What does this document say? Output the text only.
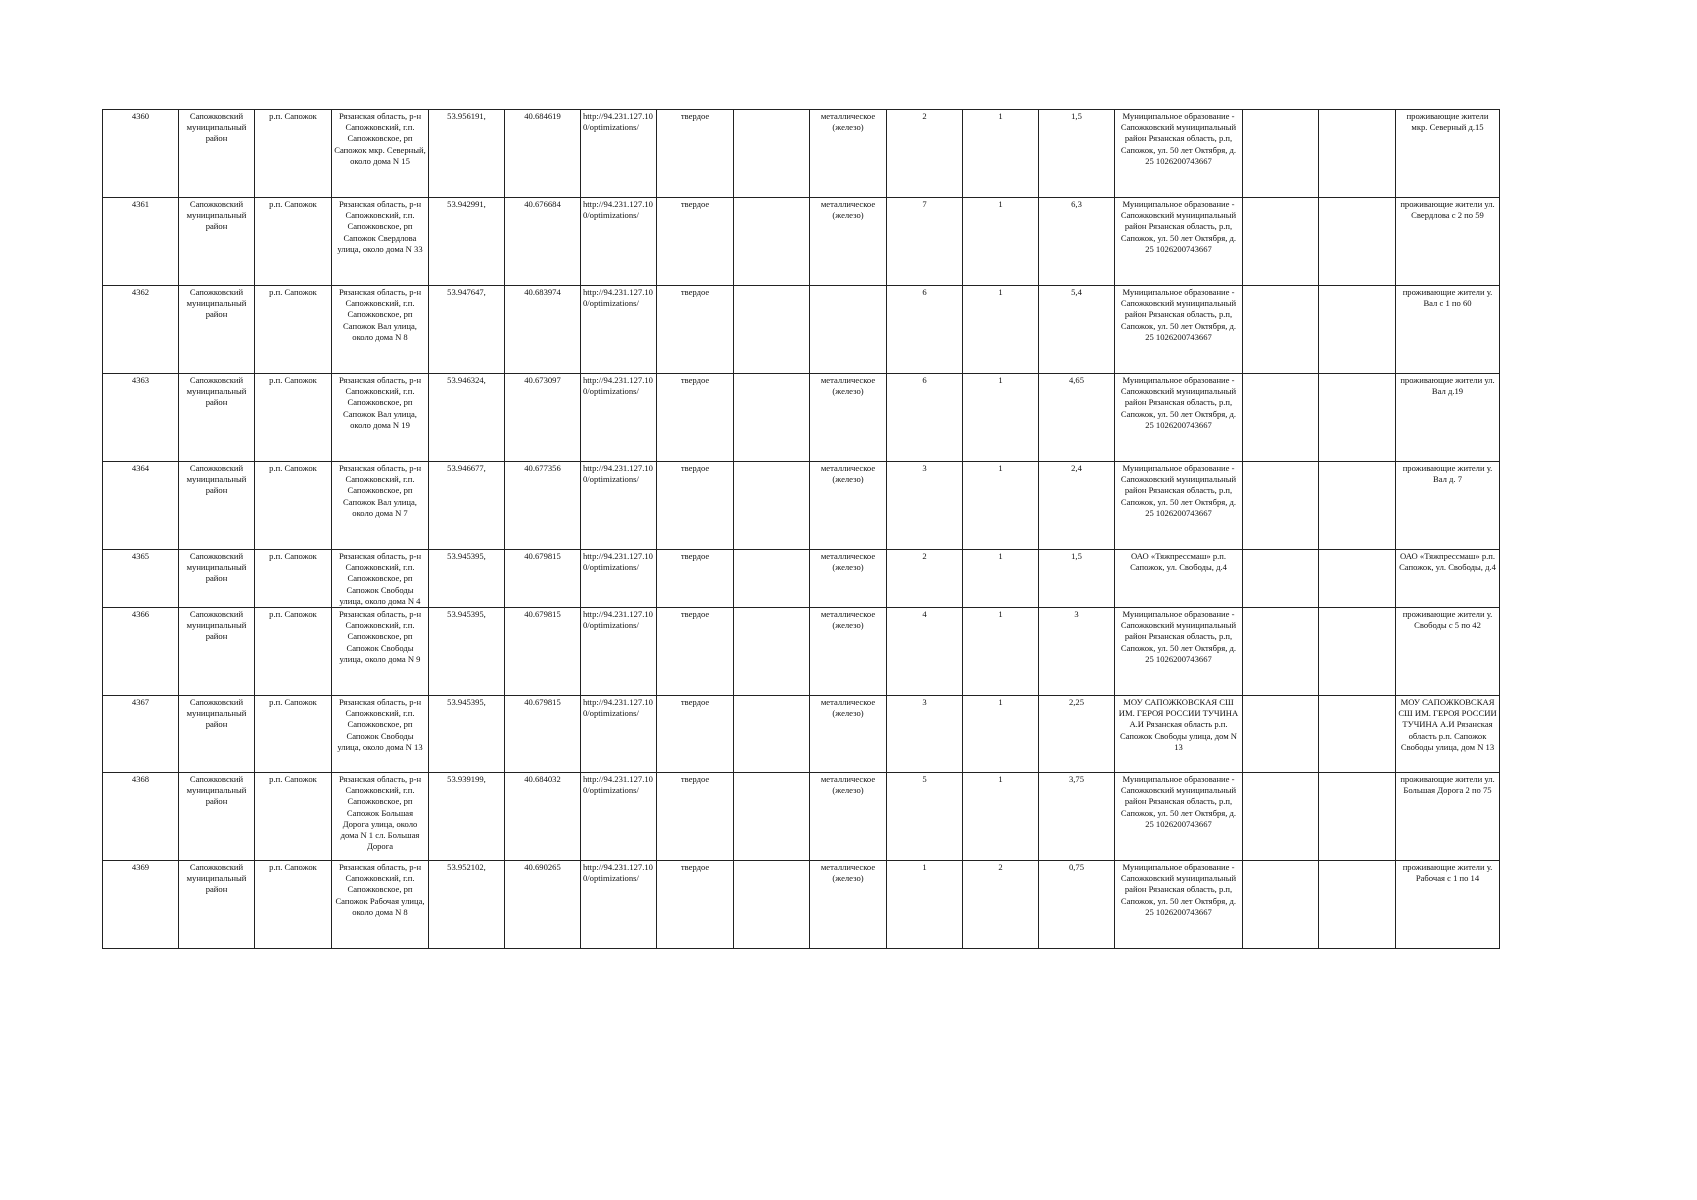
4360	Сапожковский муниципальный район	р.п. Сапожок	Рязанская область, р-н Сапожковский, г.п. Сапожковское, рп Сапожок мкр. Северный, около дома N 15	53.956191,	40.684619	http://94.231.127.10 0/optimizations/	твердое		металлическое (железо)	2	1	1,5	Муниципальное образование - Сапожковский муниципальный район Рязанская область, р.п, Сапожок, ул. 50 лет Октября, д. 25 1026200743667			проживающие жители мкр. Северный д.15
4361	Сапожковский муниципальный район	р.п. Сапожок	Рязанская область, р-н Сапожковский, г.п. Сапожковское, рп Сапожок Свердлова улица, около дома N 33	53.942991,	40.676684	http://94.231.127.10 0/optimizations/	твердое		металлическое (железо)	7	1	6,3	Муниципальное образование - Сапожковский муниципальный район Рязанская область, р.п, Сапожок, ул. 50 лет Октября, д. 25 1026200743667			проживающие жители ул. Свердлова с 2 по 59
4362	Сапожковский муниципальный район	р.п. Сапожок	Рязанская область, р-н Сапожковский, г.п. Сапожковское, рп Сапожок Вал улица, около дома N 8	53.947647,	40.683974	http://94.231.127.10 0/optimizations/	твердое			6	1	5,4	Муниципальное образование - Сапожковский муниципальный район Рязанская область, р.п, Сапожок, ул. 50 лет Октября, д. 25 1026200743667			проживающие жители у. Вал с 1 по 60
4363	Сапожковский муниципальный район	р.п. Сапожок	Рязанская область, р-н Сапожковский, г.п. Сапожковское, рп Сапожок Вал улица, около дома N 19	53.946324,	40.673097	http://94.231.127.10 0/optimizations/	твердое		металлическое (железо)	6	1	4,65	Муниципальное образование - Сапожковский муниципальный район Рязанская область, р.п, Сапожок, ул. 50 лет Октября, д. 25 1026200743667			проживающие жители ул. Вал д.19
4364	Сапожковский муниципальный район	р.п. Сапожок	Рязанская область, р-н Сапожковский, г.п. Сапожковское, рп Сапожок Вал улица, около дома N 7	53.946677,	40.677356	http://94.231.127.10 0/optimizations/	твердое		металлическое (железо)	3	1	2,4	Муниципальное образование - Сапожковский муниципальный район Рязанская область, р.п, Сапожок, ул. 50 лет Октября, д. 25 1026200743667			проживающие жители у. Вал д. 7
4365	Сапожковский муниципальный район	р.п. Сапожок	Рязанская область, р-н Сапожковский, г.п. Сапожковское, рп Сапожок Свободы улица, около дома N 4	53.945395,	40.679815	http://94.231.127.10 0/optimizations/	твердое		металлическое (железо)	2	1	1,5	ОАО «Тяжпрессмаш» р.п. Сапожок, ул. Свободы, д.4			ОАО «Тяжпрессмаш» р.п. Сапожок, ул. Свободы, д.4
4366	Сапожковский муниципальный район	р.п. Сапожок	Рязанская область, р-н Сапожковский, г.п. Сапожковское, рп Сапожок Свободы улица, около дома N 9	53.945395,	40.679815	http://94.231.127.10 0/optimizations/	твердое		металлическое (железо)	4	1	3	Муниципальное образование - Сапожковский муниципальный район Рязанская область, р.п, Сапожок, ул. 50 лет Октября, д. 25 1026200743667			проживающие жители у. Свободы с 5 по 42
4367	Сапожковский муниципальный район	р.п. Сапожок	Рязанская область, р-н Сапожковский, г.п. Сапожковское, рп Сапожок Свободы улица, около дома N 13	53.945395,	40.679815	http://94.231.127.10 0/optimizations/	твердое		металлическое (железо)	3	1	2,25	МОУ САПОЖКОВСКАЯ СШ ИМ. ГЕРОЯ РОССИИ ТУЧИНА А.И Рязанская область р.п. Сапожок Свободы улица, дом N 13			МОУ САПОЖКОВСКАЯ СШ ИМ. ГЕРОЯ РОССИИ ТУЧИНА А.И Рязанская область р.п. Сапожок Свободы улица, дом N 13
4368	Сапожковский муниципальный район	р.п. Сапожок	Рязанская область, р-н Сапожковский, г.п. Сапожковское, рп Сапожок Большая Дорога улица, около дома N 1 сл. Большая Дорога	53.939199,	40.684032	http://94.231.127.10 0/optimizations/	твердое		металлическое (железо)	5	1	3,75	Муниципальное образование - Сапожковский муниципальный район Рязанская область, р.п, Сапожок, ул. 50 лет Октября, д. 25 1026200743667			проживающие жители ул. Большая Дорога 2 по 75
4369	Сапожковский муниципальный район	р.п. Сапожок	Рязанская область, р-н Сапожковский, г.п. Сапожковское, рп Сапожок Рабочая улица, около дома N 8	53.952102,	40.690265	http://94.231.127.10 0/optimizations/	твердое		металлическое (железо)	1	2	0,75	Муниципальное образование - Сапожковский муниципальный район Рязанская область, р.п, Сапожок, ул. 50 лет Октября, д. 25 1026200743667			проживающие жители у. Рабочая с 1 по 14
